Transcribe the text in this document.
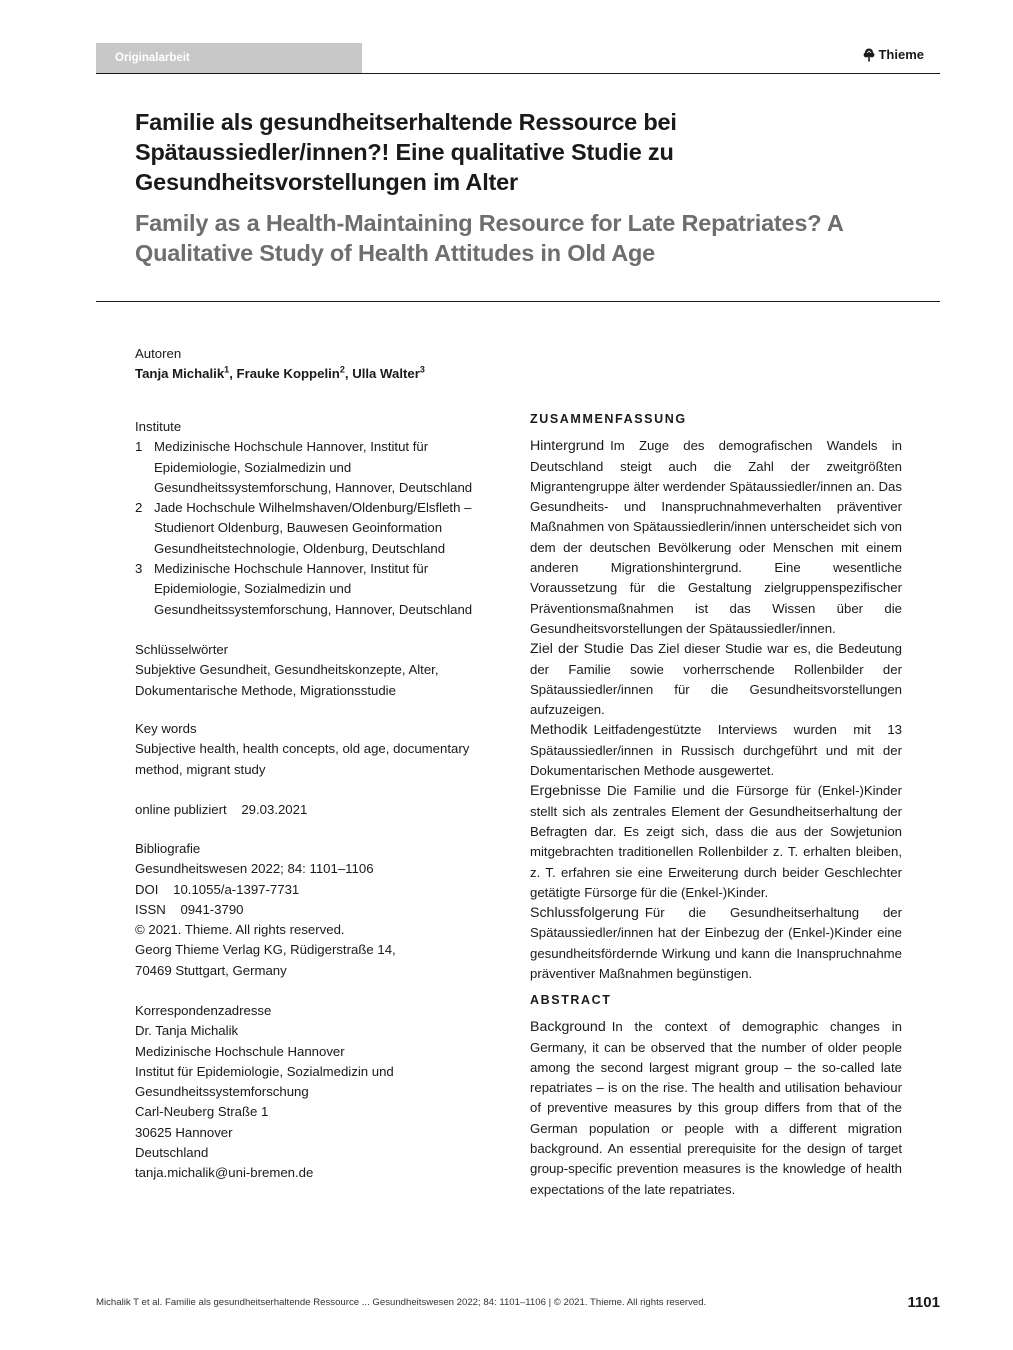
Originalarbeit	Thieme
Familie als gesundheitserhaltende Ressource bei Spätaussiedler/innen?! Eine qualitative Studie zu Gesundheitsvorstellungen im Alter
Family as a Health-Maintaining Resource for Late Repatriates? A Qualitative Study of Health Attitudes in Old Age
Autoren
Tanja Michalik$^1$, Frauke Koppelin$^2$, Ulla Walter$^3$
Institute
1 Medizinische Hochschule Hannover, Institut für Epidemiologie, Sozialmedizin und Gesundheitssystemforschung, Hannover, Deutschland
2 Jade Hochschule Wilhelmshaven/Oldenburg/Elsfleth – Studienort Oldenburg, Bauwesen Geoinformation Gesundheitstechnologie, Oldenburg, Deutschland
3 Medizinische Hochschule Hannover, Institut für Epidemiologie, Sozialmedizin und Gesundheitssystemforschung, Hannover, Deutschland
Schlüsselwörter
Subjektive Gesundheit, Gesundheitskonzepte, Alter, Dokumentarische Methode, Migrationsstudie
Key words
Subjective health, health concepts, old age, documentary method, migrant study
online publiziert 29.03.2021
Bibliografie
Gesundheitswesen 2022; 84: 1101–1106
DOI 10.1055/a-1397-7731
ISSN 0941-3790
© 2021. Thieme. All rights reserved.
Georg Thieme Verlag KG, Rüdigerstraße 14,
70469 Stuttgart, Germany
Korrespondenzadresse
Dr. Tanja Michalik
Medizinische Hochschule Hannover
Institut für Epidemiologie, Sozialmedizin und Gesundheitssystemforschung
Carl-Neuberg Straße 1
30625 Hannover
Deutschland
tanja.michalik@uni-bremen.de
ZUSAMMENFASSUNG

Hintergrund Im Zuge des demografischen Wandels in Deutschland steigt auch die Zahl der zweitgrößten Migrantengruppe älter werdender Spätaussiedler/innen an. Das Gesundheits- und Inanspruchnahmeverhalten präventiver Maßnahmen von Spätaussiedlerin/innen unterscheidet sich von dem der deutschen Bevölkerung oder Menschen mit einem anderen Migrationshintergrund. Eine wesentliche Voraussetzung für die Gestaltung zielgruppenspezifischer Präventionsmaßnahmen ist das Wissen über die Gesundheitsvorstellungen der Spätaussiedler/innen.

Ziel der Studie Das Ziel dieser Studie war es, die Bedeutung der Familie sowie vorherrschende Rollenbilder der Spätaussiedler/innen für die Gesundheitsvorstellungen aufzuzeigen.

Methodik Leitfadengestützte Interviews wurden mit 13 Spätaussiedler/innen in Russisch durchgeführt und mit der Dokumentarischen Methode ausgewertet.

Ergebnisse Die Familie und die Fürsorge für (Enkel-)Kinder stellt sich als zentrales Element der Gesundheitserhaltung der Befragten dar. Es zeigt sich, dass die aus der Sowjetunion mitgebrachten traditionellen Rollenbilder z. T. erhalten bleiben, z. T. erfahren sie eine Erweiterung durch beider Geschlechter getätigte Fürsorge für die (Enkel-)Kinder.

Schlussfolgerung Für die Gesundheitserhaltung der Spätaussiedler/innen hat der Einbezug der (Enkel-)Kinder eine gesundheitsfördernde Wirkung und kann die Inanspruchnahme präventiver Maßnahmen begünstigen.

ABSTRACT

Background In the context of demographic changes in Germany, it can be observed that the number of older people among the second largest migrant group – the so-called late repatriates – is on the rise. The health and utilisation behaviour of preventive measures by this group differs from that of the German population or people with a different migration background. An essential prerequisite for the design of target group-specific prevention measures is the knowledge of health expectations of the late repatriates.

Michalik T et al. Familie als gesundheitserhaltende Ressource ... Gesundheitswesen 2022; 84: 1101–1106 | © 2021. Thieme. All rights reserved.	1101
